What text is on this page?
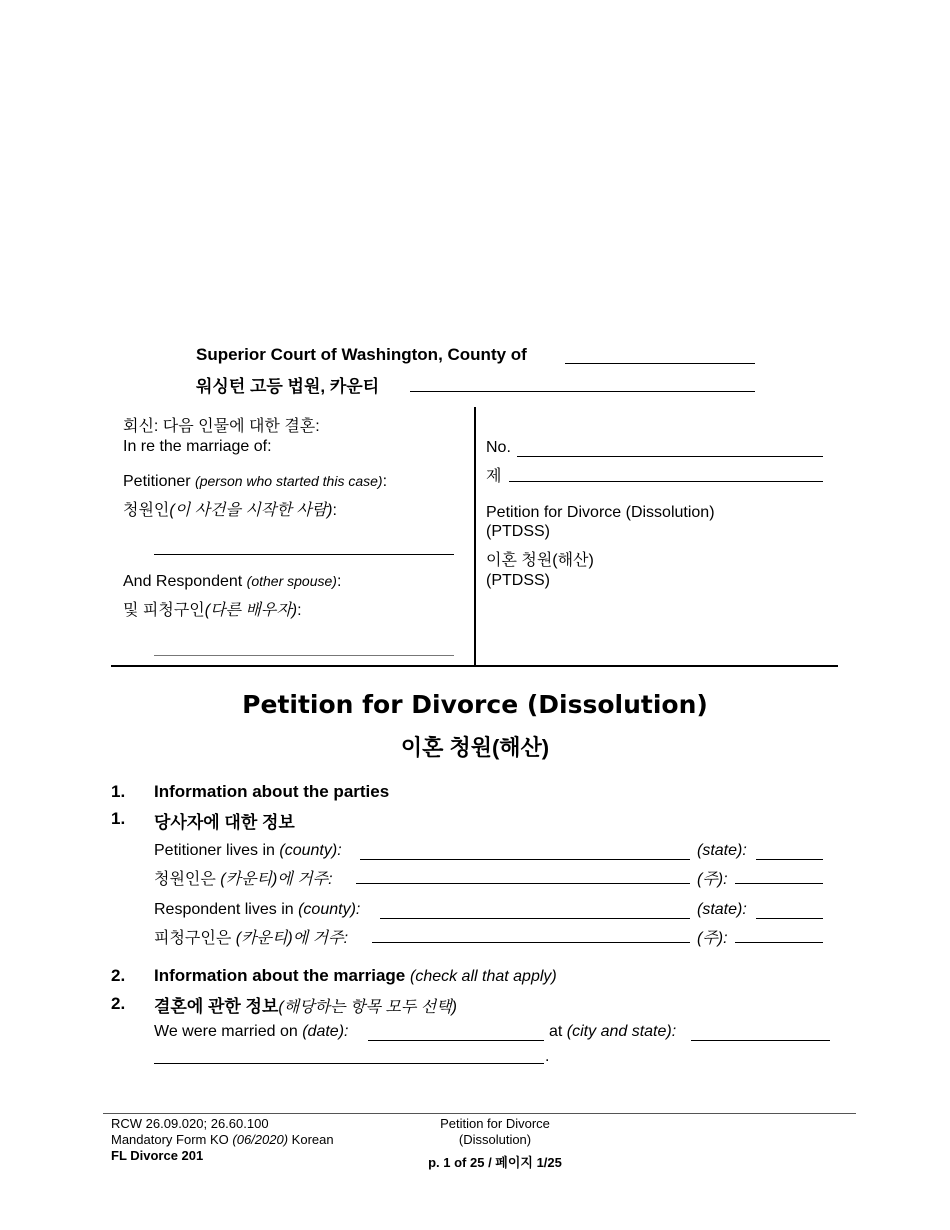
Superior Court of Washington, County of
워싱턴 고등 법원, 카운티
회신: 다음 인물에 대한 결혼:
In re the marriage of:
Petitioner (person who started this case):
청원인(이 사건을 시작한 사람):
And Respondent (other spouse):
및 피청구인(다른 배우자):
No.
제
Petition for Divorce (Dissolution)
(PTDSS)
이혼 청원(해산)
(PTDSS)
Petition for Divorce (Dissolution)
이혼 청원(해산)
1. Information about the parties
1. 당사자에 대한 정보
Petitioner lives in (county):	(state):
청원인은 (카운티)에 거주:	(주):
Respondent lives in (county):	(state):
피청구인은 (카운티)에 거주:	(주):
2. Information about the marriage (check all that apply)
2. 결혼에 관한 정보(해당하는 항목 모두 선택)
We were married on (date):	at (city and state):
.
RCW 26.09.020; 26.60.100
Mandatory Form KO (06/2020) Korean
FL Divorce 201
Petition for Divorce
(Dissolution)
p. 1 of 25 / 페이지 1/25
